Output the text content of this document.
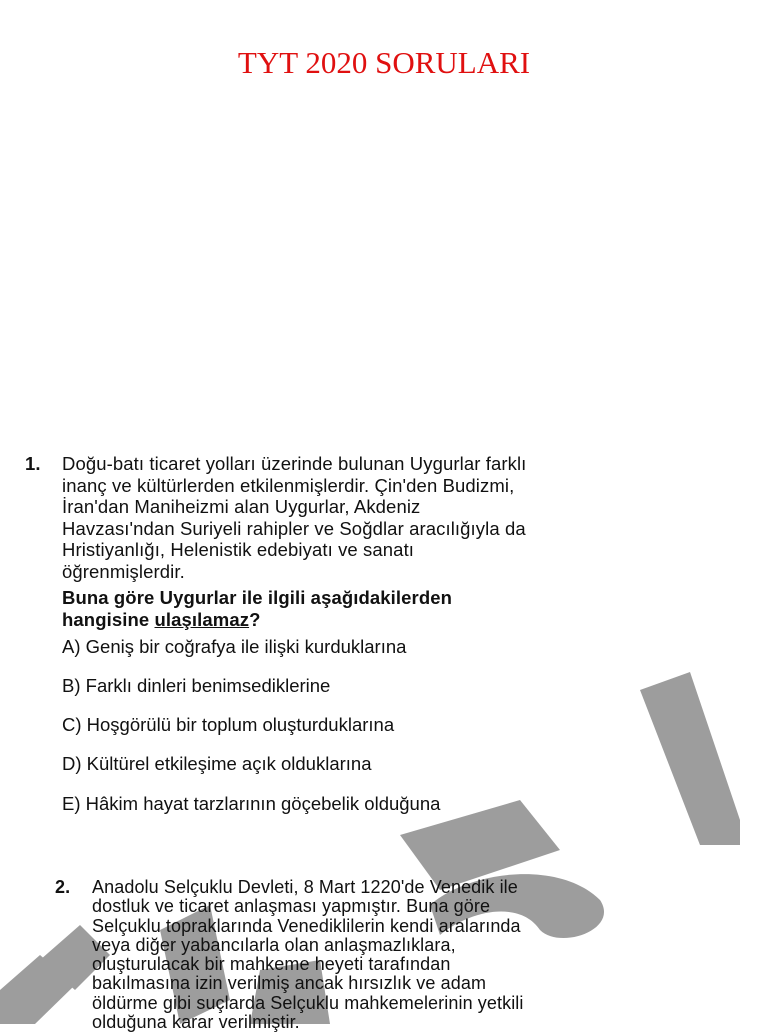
TYT 2020 SORULARI
1. Doğu-batı ticaret yolları üzerinde bulunan Uygurlar farklı
inanç ve kültürlerden etkilenmişlerdir. Çin'den Budizmi,
İran'dan Maniheizmi alan Uygurlar, Akdeniz
Havzası'ndan Suriyeli rahipler ve Soğdlar aracılığıyla da
Hristiyanlığı, Helenistik edebiyatı ve sanatı
öğrenmişlerdir.
Buna göre Uygurlar ile ilgili aşağıdakilerden
hangisine ulaşılamaz?
A) Geniş bir coğrafya ile ilişki kurduklarına
B) Farklı dinleri benimsediklerine
C) Hoşgörülü bir toplum oluşturduklarına
D) Kültürel etkileşime açık olduklarına
E) Hâkim hayat tarzlarının göçebelik olduğuna
2. Anadolu Selçuklu Devleti, 8 Mart 1220'de Venedik ile
dostluk ve ticaret anlaşması yapmıştır. Buna göre
Selçuklu topraklarında Venediklilerin kendi aralarında
veya diğer yabancılarla olan anlaşmazlıklara,
oluşturulacak bir mahkeme heyeti tarafından
bakılmasına izin verilmiş ancak hırsızlık ve adam
öldürme gibi suçlarda Selçuklu mahkemelerinin yetkili
olduğuna karar verilmiştir.
